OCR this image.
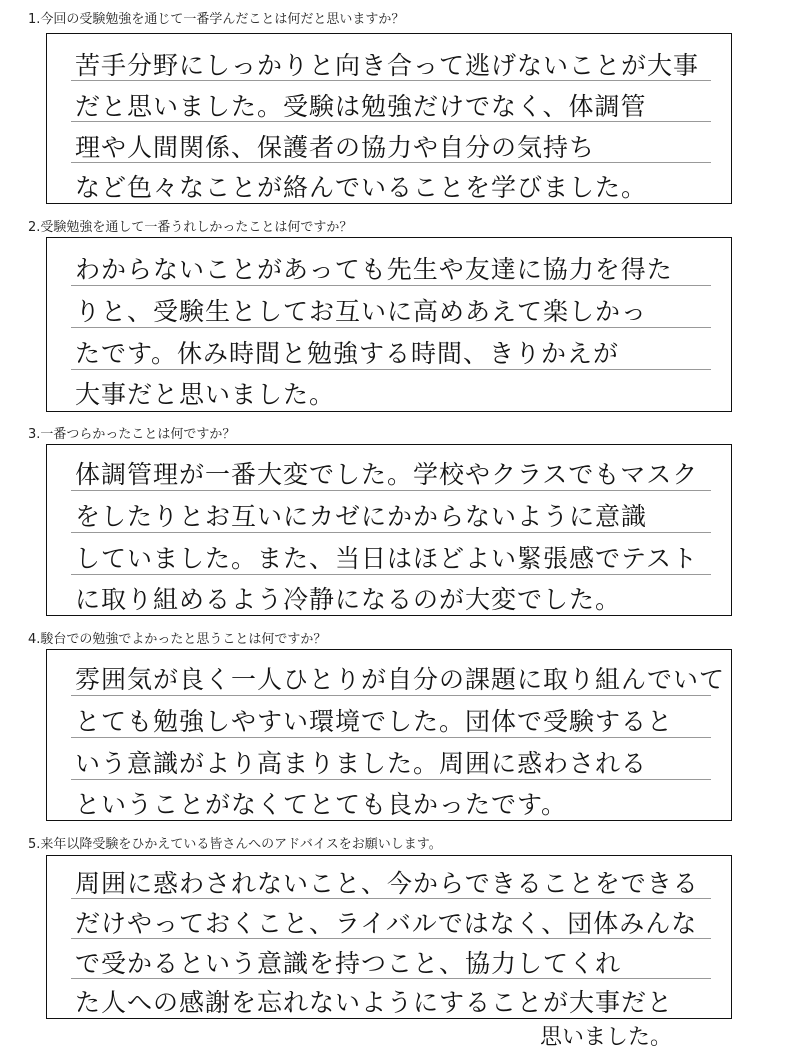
1.今回の受験勉強を通じて一番学んだことは何だと思いますか？
苦手分野にしっかりと向き合って逃げないことが大事
だと思いました。受験は勉強だけでなく、体調管
理や人間関係、保護者の協力や自分の気持ち
など色々なことが絡んでいることを学びました。
2.受験勉強を通して一番うれしかったことは何ですか？
わからないことがあっても先生や友達に協力を得た
りと、受験生としてお互いに高めあえて楽しかっ
たです。休み時間と勉強する時間、きりかえが
大事だと思いました。
3.一番つらかったことは何ですか？
体調管理が一番大変でした。学校やクラスでもマスク
をしたりとお互いにカゼにかからないように意識
していました。また、当日はほどよい緊張感でテスト
に取り組めるよう冷静になるのが大変でした。
4.駿台での勉強でよかったと思うことは何ですか？
雰囲気が良く一人ひとりが自分の課題に取り組んでいて
とても勉強しやすい環境でした。団体で受験すると
いう意識がより高まりました。周囲に惑わされる
ということがなくてとても良かったです。
5.来年以降受験をひかえている皆さんへのアドバイスをお願いします。
周囲に惑わされないこと、今からできることをできる
だけやっておくこと、ライバルではなく、団体みんな
で受かるという意識を持つこと、協力してくれ
た人への感謝を忘れないようにすることが大事だと
思いました。
